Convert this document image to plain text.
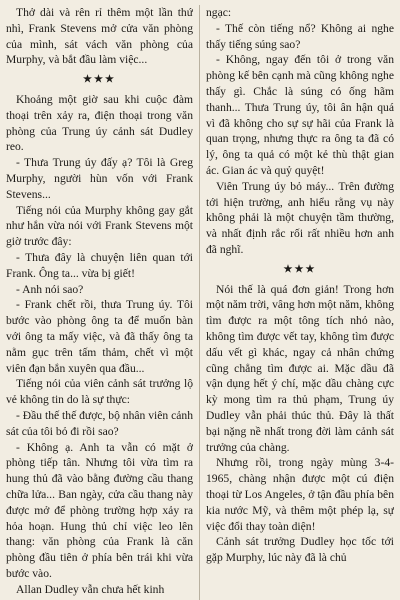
Thở dài và rên rỉ thêm một lần thứ nhì, Frank Stevens mở cửa văn phòng của mình, sát vách văn phòng của Murphy, và bắt đầu làm việc...

★★★

Khoảng một giờ sau khi cuộc đàm thoại trên xảy ra, điện thoại trong văn phòng của Trung úy cảnh sát Dudley reo.

- Thưa Trung úy đấy ạ? Tôi là Greg Murphy, người hùn vốn với Frank Stevens...

Tiếng nói của Murphy không gay gắt như hắn vừa nói với Frank Stevens một giờ trước đây:

- Thưa đây là chuyện liên quan tới Frank. Ông ta... vừa bị giết!

- Anh nói sao?

- Frank chết rồi, thưa Trung úy. Tôi bước vào phòng ông ta để muốn bàn với ông ta mấy việc, và đã thấy ông ta nằm gục trên tấm thảm, chết vì một viên đạn bắn xuyên qua đầu...

Tiếng nói của viên cảnh sát trưởng lộ vẻ không tin do là sự thực:

- Đầu thế thế được, bộ nhân viên cảnh sát của tôi bỏ đi rồi sao?

- Không ạ. Anh ta vẫn có mặt ở phòng tiếp tân. Nhưng tôi vừa tìm ra hung thủ đã vào bằng đường cầu thang chữa lửa... Ban ngày, cửa cầu thang này được mở để phòng trường hợp xảy ra hỏa hoạn. Hung thủ chỉ việc leo lên thang: văn phòng của Frank là căn phòng đầu tiên ở phía bên trái khi vừa bước vào.

Allan Dudley vẫn chưa hết kinh

ngạc:

- Thế còn tiếng nổ? Không ai nghe thấy tiếng súng sao?

- Không, ngay đến tôi ở trong văn phòng kế bên cạnh mà cũng không nghe thấy gì. Chắc là súng có ống hãm thanh... Thưa Trung úy, tôi ân hận quá vì đã không cho sự sự hãi của Frank là quan trọng, nhưng thực ra ông ta đã có lý, ông ta quả có một kẻ thù thật gian ác. Gian ác và quỷ quyệt!

Viên Trung úy bỏ máy... Trên đường tới hiện trường, anh hiểu rằng vụ này không phải là một chuyện tầm thường, và nhất định rắc rối rất nhiều hơn anh đã nghĩ.

★★★

Nói thế là quá đơn giản! Trong hơn một năm trời, vâng hơn một năm, không tìm được ra một tông tích nhỏ nào, không tìm được vết tay, không tìm được dấu vết gì khác, ngay cả nhân chứng cũng chẳng tìm được ai. Mặc dầu đã vận dụng hết ý chí, mặc dầu chàng cực kỳ mong tìm ra thủ phạm, Trung úy Dudley vẫn phải thúc thủ. Đây là thất bại nặng nề nhất trong đời làm cảnh sát trưởng của chàng.

Nhưng rồi, trong ngày mùng 3-4-1965, chàng nhận được một cú điện thoại từ Los Angeles, ở tận đầu phía bên kia nước Mỹ, và thêm một phép lạ, sự việc đổi thay toàn diện!

Cảnh sát trưởng Dudley học tốc tới gặp Murphy, lúc này đã là chủ
